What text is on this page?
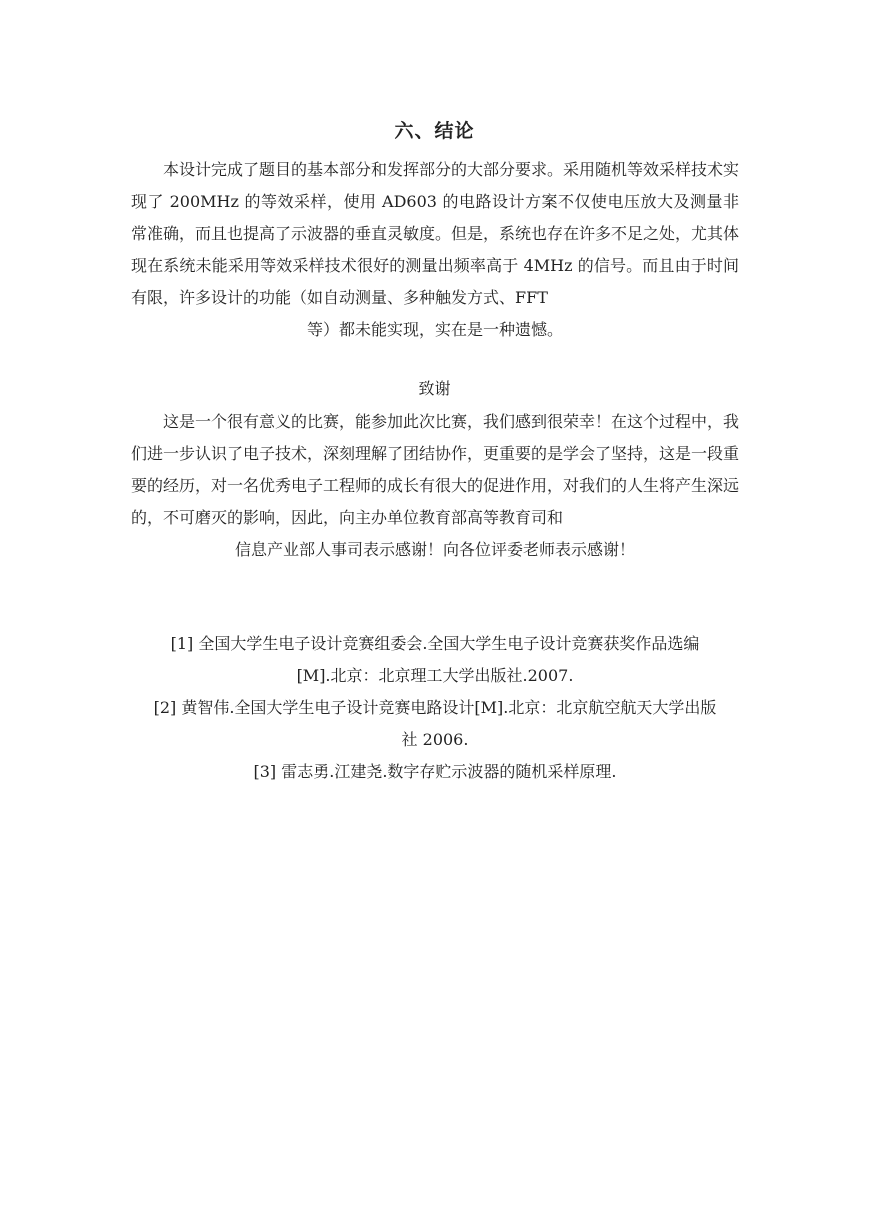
六、结论
本设计完成了题目的基本部分和发挥部分的大部分要求。采用随机等效采样技术实现了 200MHz 的等效采样，使用 AD603 的电路设计方案不仅使电压放大及测量非常准确，而且也提高了示波器的垂直灵敏度。但是，系统也存在许多不足之处，尤其体现在系统未能采用等效采样技术很好的测量出频率高于 4MHz 的信号。而且由于时间有限，许多设计的功能（如自动测量、多种触发方式、FFT
等）都未能实现，实在是一种遗憾。
致谢
这是一个很有意义的比赛，能参加此次比赛，我们感到很荣幸！在这个过程中，我们进一步认识了电子技术，深刻理解了团结协作，更重要的是学会了坚持，这是一段重要的经历，对一名优秀电子工程师的成长有很大的促进作用，对我们的人生将产生深远的，不可磨灭的影响，因此，向主办单位教育部高等教育司和
信息产业部人事司表示感谢！向各位评委老师表示感谢！
[1] 全国大学生电子设计竞赛组委会.全国大学生电子设计竞赛获奖作品选编
[M].北京：北京理工大学出版社.2007.
[2] 黄智伟.全国大学生电子设计竞赛电路设计[M].北京：北京航空航天大学出版
社 2006.
[3] 雷志勇.江建尧.数字存贮示波器的随机采样原理.
